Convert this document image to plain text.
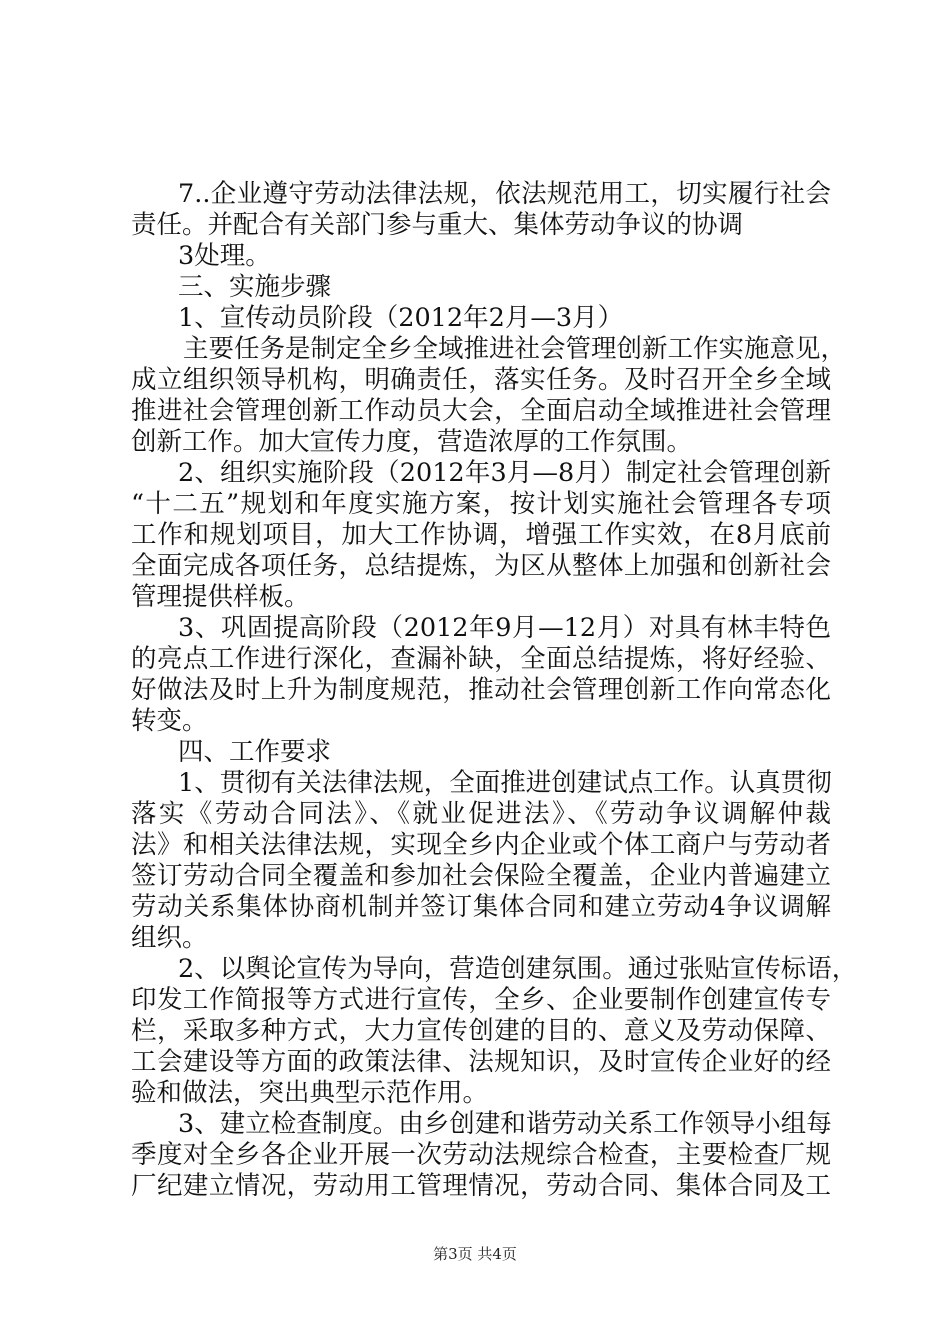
7..企业遵守劳动法律法规，依法规范用工，切实履行社会
责任。并配合有关部门参与重大、集体劳动争议的协调
3处理。
三、实施步骤
1、宣传动员阶段（2012年2月—3月）
主要任务是制定全乡全域推进社会管理创新工作实施意见，
成立组织领导机构，明确责任，落实任务。及时召开全乡全域
推进社会管理创新工作动员大会，全面启动全域推进社会管理
创新工作。加大宣传力度，营造浓厚的工作氛围。
2、组织实施阶段（2012年3月—8月）制定社会管理创新
“十二五”规划和年度实施方案，按计划实施社会管理各专项
工作和规划项目，加大工作协调，增强工作实效，在8月底前
全面完成各项任务，总结提炼，为区从整体上加强和创新社会
管理提供样板。
3、巩固提高阶段（2012年9月—12月）对具有林丰特色
的亮点工作进行深化，查漏补缺，全面总结提炼，将好经验、
好做法及时上升为制度规范，推动社会管理创新工作向常态化
转变。
四、工作要求
1、贯彻有关法律法规，全面推进创建试点工作。认真贯彻
落实《劳动合同法》、《就业促进法》、《劳动争议调解仲裁
法》和相关法律法规，实现全乡内企业或个体工商户与劳动者
签订劳动合同全覆盖和参加社会保险全覆盖，企业内普遍建立
劳动关系集体协商机制并签订集体合同和建立劳动4争议调解
组织。
2、以舆论宣传为导向，营造创建氛围。通过张贴宣传标语，
印发工作简报等方式进行宣传，全乡、企业要制作创建宣传专
栏，采取多种方式，大力宣传创建的目的、意义及劳动保障、
工会建设等方面的政策法律、法规知识，及时宣传企业好的经
验和做法，突出典型示范作用。
3、建立检查制度。由乡创建和谐劳动关系工作领导小组每
季度对全乡各企业开展一次劳动法规综合检查，主要检查厂规
厂纪建立情况，劳动用工管理情况，劳动合同、集体合同及工
第3页 共4页
